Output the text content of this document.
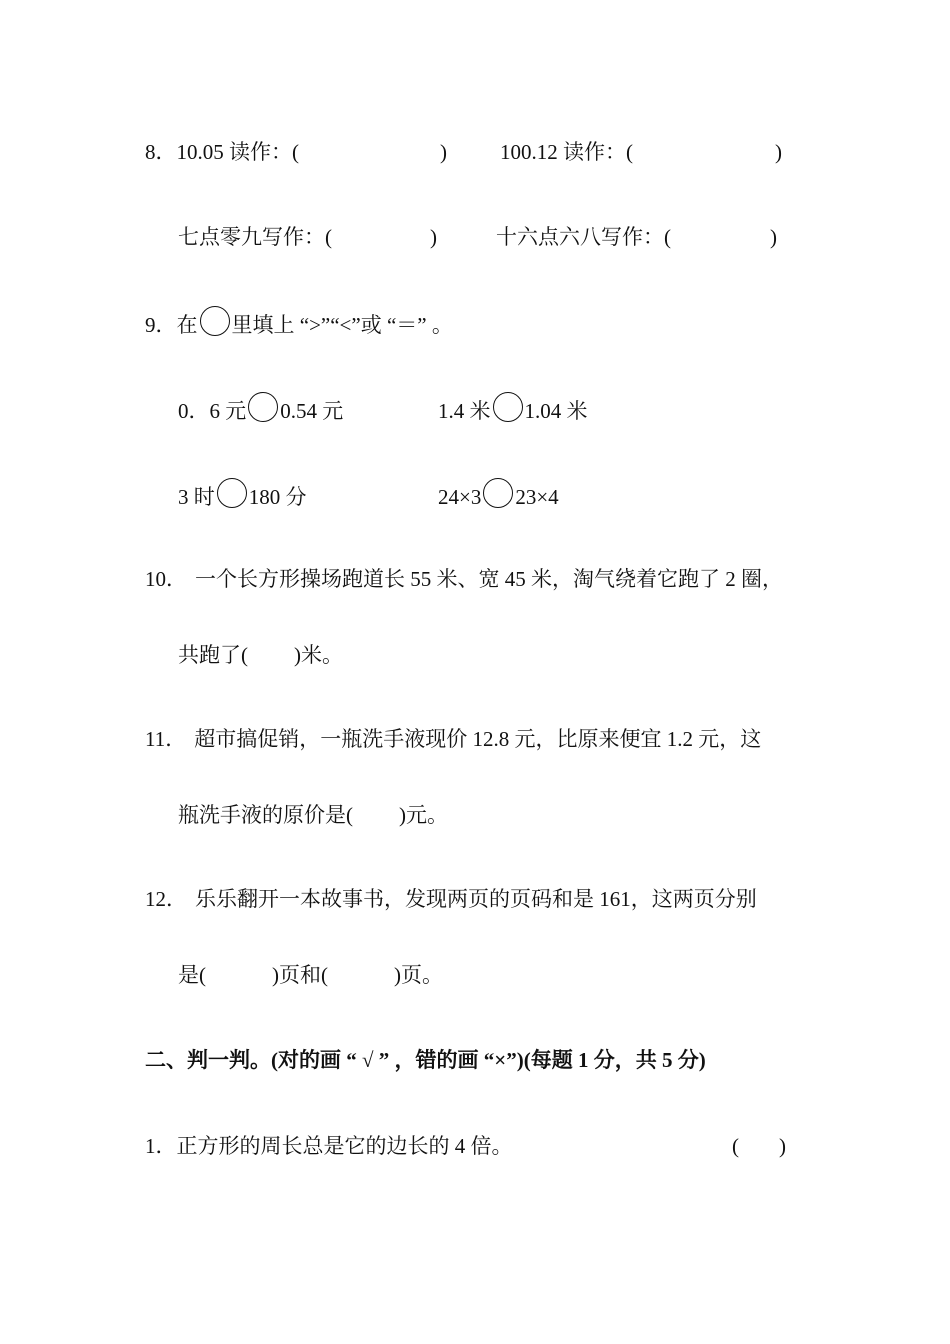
8．10.05 读作：(	)	100.12 读作：(	)
七点零九写作：(	)	十六点六八写作：(	)
9．在 里填上 “>”“<”或 “＝” 。
0．6 元 0.54 元	1.4 米 1.04 米
3 时 180 分	24×3 23×4
10． 一个长方形操场跑道长 55 米、宽 45 米，淘气绕着它跑了 2 圈，
共跑了( )米。
11． 超市搞促销，一瓶洗手液现价 12.8 元，比原来便宜 1.2 元，这
瓶洗手液的原价是( )元。
12． 乐乐翻开一本故事书，发现两页的页码和是 161，这两页分别
是(	)页和(	)页。
二、判一判。(对的画 “ √ ” ，错的画 “×”)(每题 1 分，共 5 分)
1．正方形的周长总是它的边长的 4 倍。	( )
